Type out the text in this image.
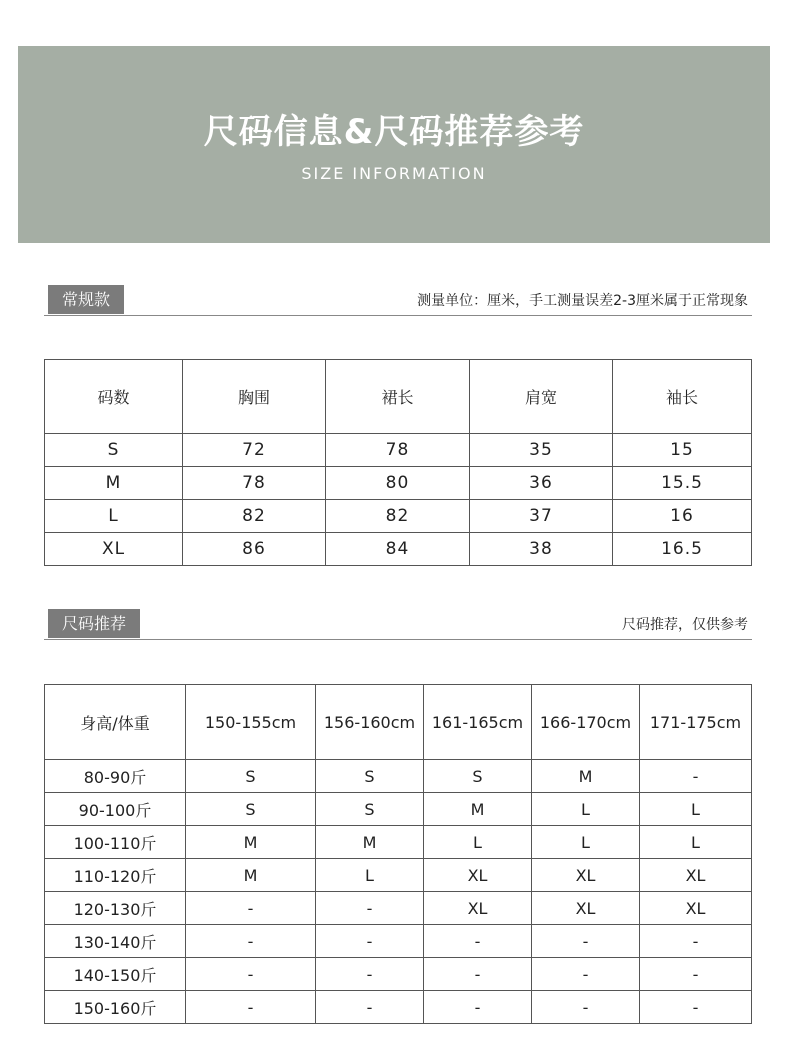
尺码信息&尺码推荐参考
SIZE INFORMATION
常规款	测量单位：厘米，手工测量误差2-3厘米属于正常现象
码数	胸围	裙长	肩宽	袖长
S	72	78	35	15
M	78	80	36	15.5
L	82	82	37	16
XL	86	84	38	16.5
尺码推荐	尺码推荐，仅供参考
身高/体重	150-155cm	156-160cm	161-165cm	166-170cm	171-175cm
80-90斤	S	S	S	M	-
90-100斤	S	S	M	L	L
100-110斤	M	M	L	L	L
110-120斤	M	L	XL	XL	XL
120-130斤	-	-	XL	XL	XL
130-140斤	-	-	-	-	-
140-150斤	-	-	-	-	-
150-160斤	-	-	-	-	-
